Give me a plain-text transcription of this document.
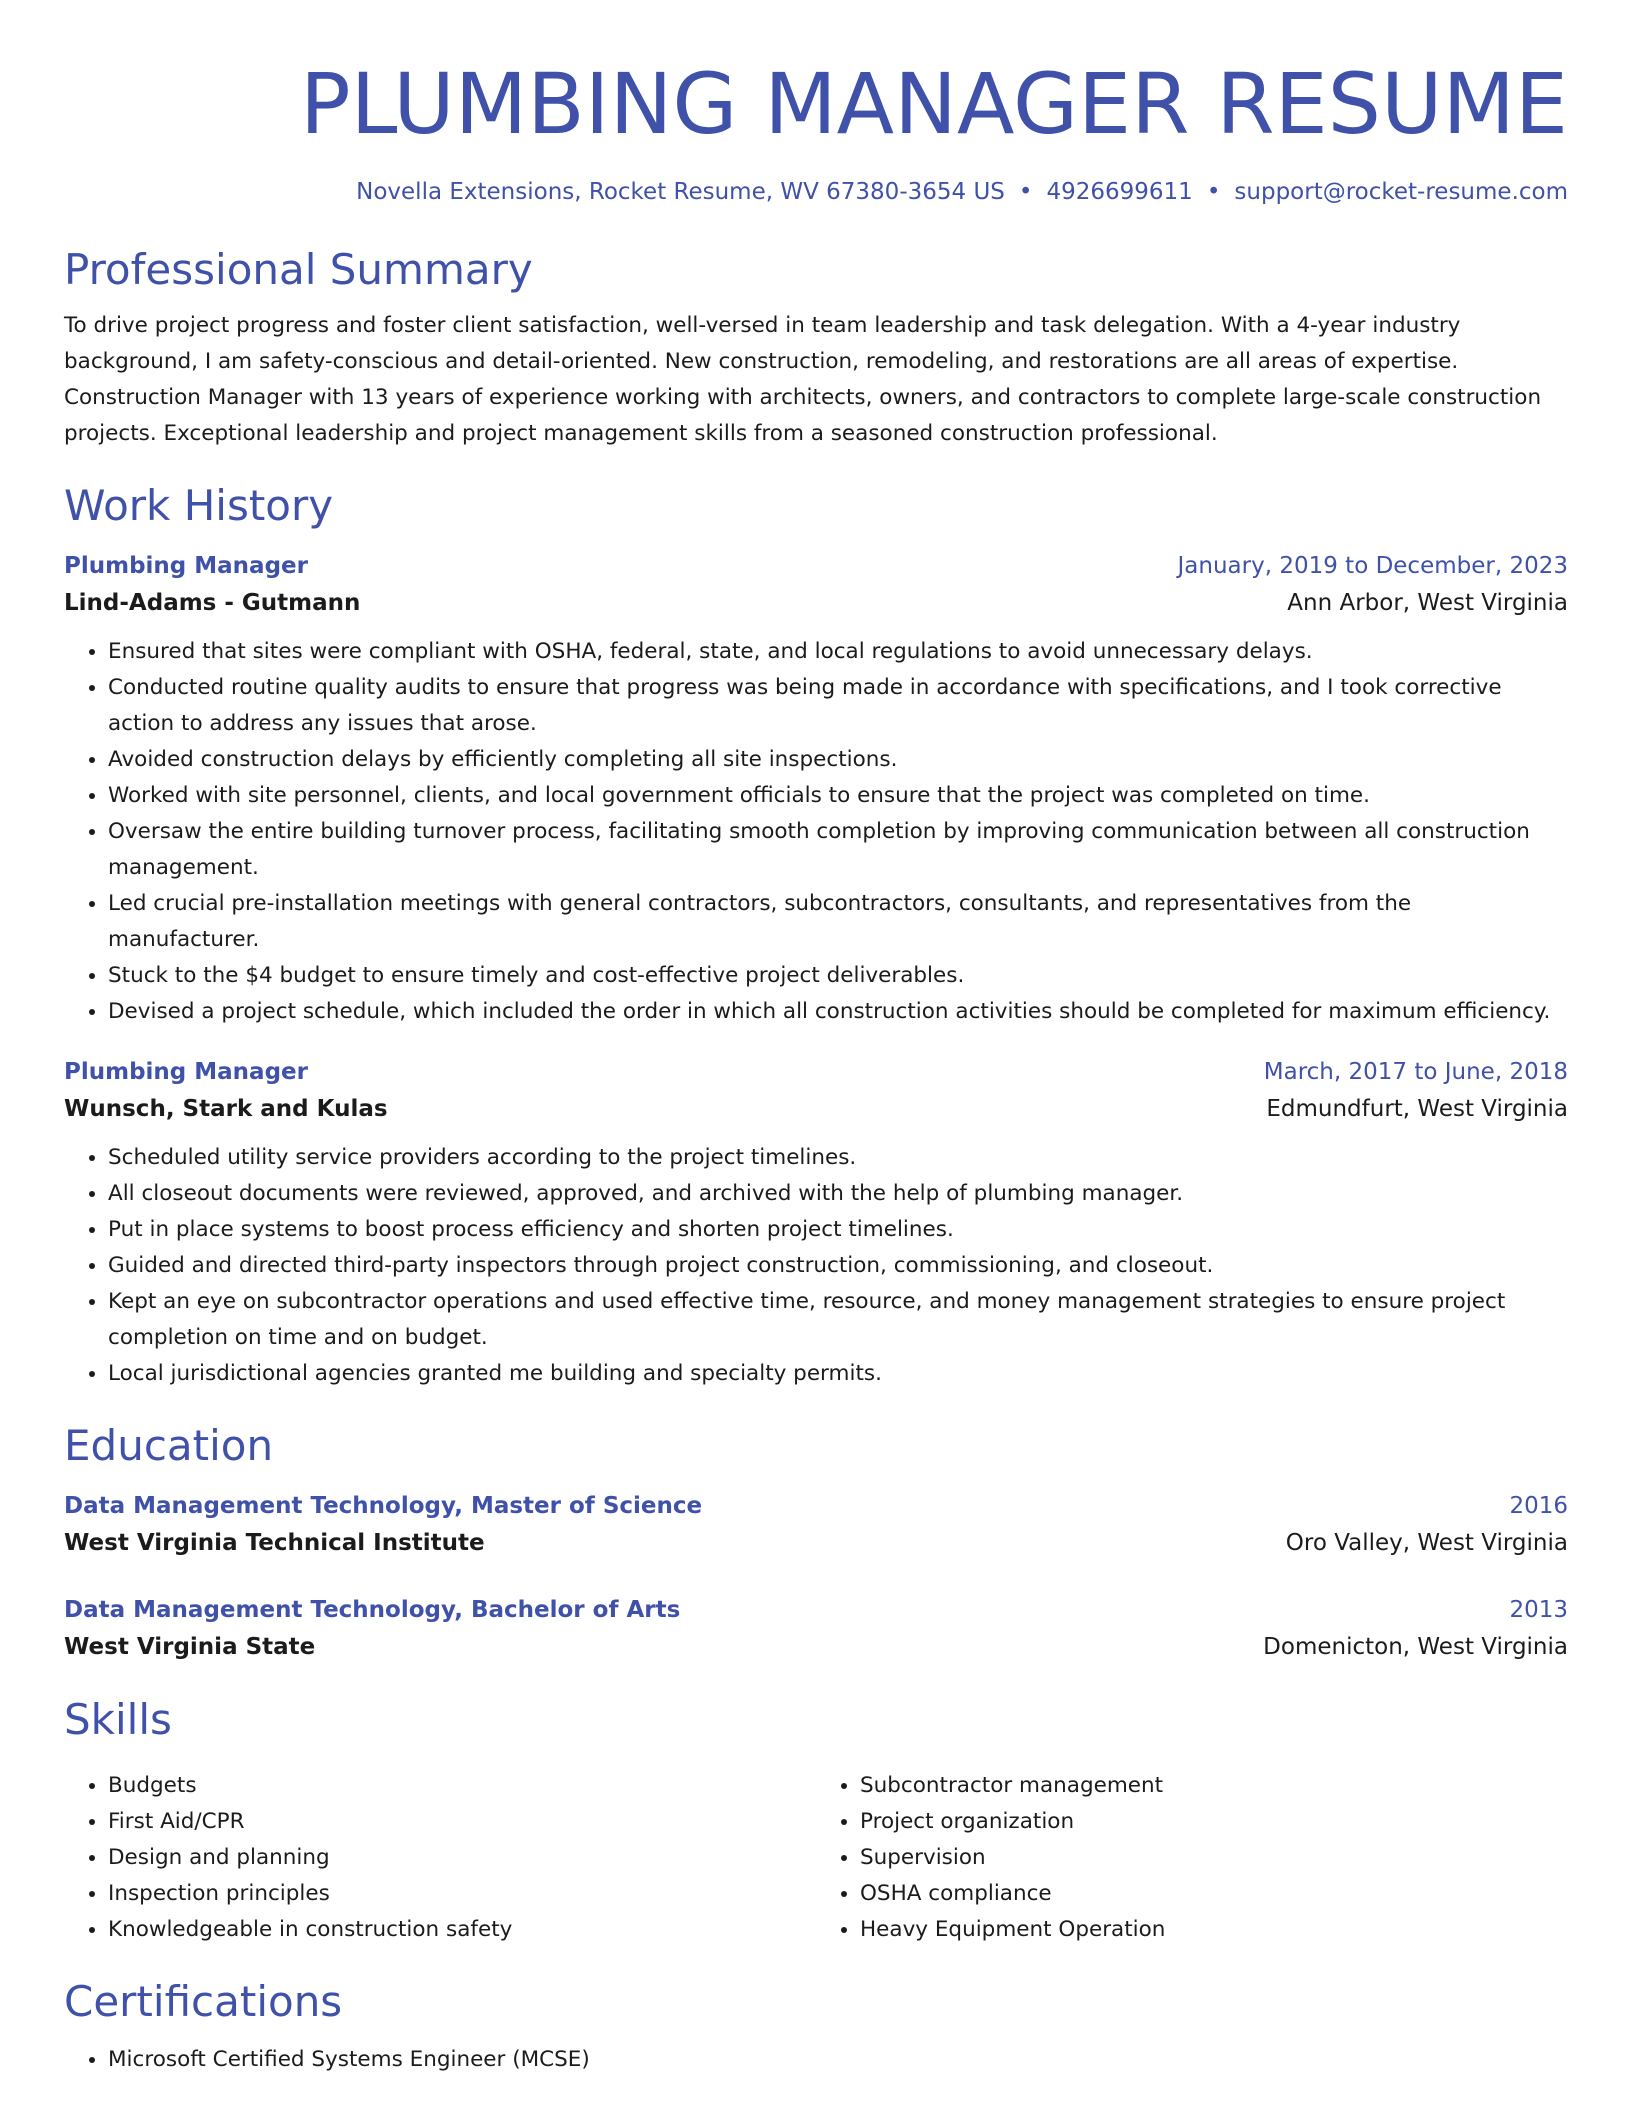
PLUMBING MANAGER RESUME
Novella Extensions, Rocket Resume, WV 67380-3654 US • 4926699611 • support@rocket-resume.com
Professional Summary

To drive project progress and foster client satisfaction, well-versed in team leadership and task delegation. With a 4-year industry background, I am safety-conscious and detail-oriented. New construction, remodeling, and restorations are all areas of expertise. Construction Manager with 13 years of experience working with architects, owners, and contractors to complete large-scale construction projects. Exceptional leadership and project management skills from a seasoned construction professional.

Work History
Plumbing Manager	January, 2019 to December, 2023
Lind-Adams - Gutmann	Ann Arbor, West Virginia
• Ensured that sites were compliant with OSHA, federal, state, and local regulations to avoid unnecessary delays.
• Conducted routine quality audits to ensure that progress was being made in accordance with specifications, and I took corrective action to address any issues that arose.
• Avoided construction delays by efficiently completing all site inspections.
• Worked with site personnel, clients, and local government officials to ensure that the project was completed on time.
• Oversaw the entire building turnover process, facilitating smooth completion by improving communication between all construction management.
• Led crucial pre-installation meetings with general contractors, subcontractors, consultants, and representatives from the manufacturer.
• Stuck to the $4 budget to ensure timely and cost-effective project deliverables.
• Devised a project schedule, which included the order in which all construction activities should be completed for maximum efficiency.
Plumbing Manager	March, 2017 to June, 2018
Wunsch, Stark and Kulas	Edmundfurt, West Virginia
• Scheduled utility service providers according to the project timelines.
• All closeout documents were reviewed, approved, and archived with the help of plumbing manager.
• Put in place systems to boost process efficiency and shorten project timelines.
• Guided and directed third-party inspectors through project construction, commissioning, and closeout.
• Kept an eye on subcontractor operations and used effective time, resource, and money management strategies to ensure project completion on time and on budget.
• Local jurisdictional agencies granted me building and specialty permits.
Education
Data Management Technology, Master of Science	2016
West Virginia Technical Institute	Oro Valley, West Virginia
Data Management Technology, Bachelor of Arts	2013
West Virginia State	Domenicton, West Virginia
Skills
• Budgets
• First Aid/CPR
• Design and planning
• Inspection principles
• Knowledgeable in construction safety
• Subcontractor management
• Project organization
• Supervision
• OSHA compliance
• Heavy Equipment Operation
Certifications
• Microsoft Certified Systems Engineer (MCSE)
